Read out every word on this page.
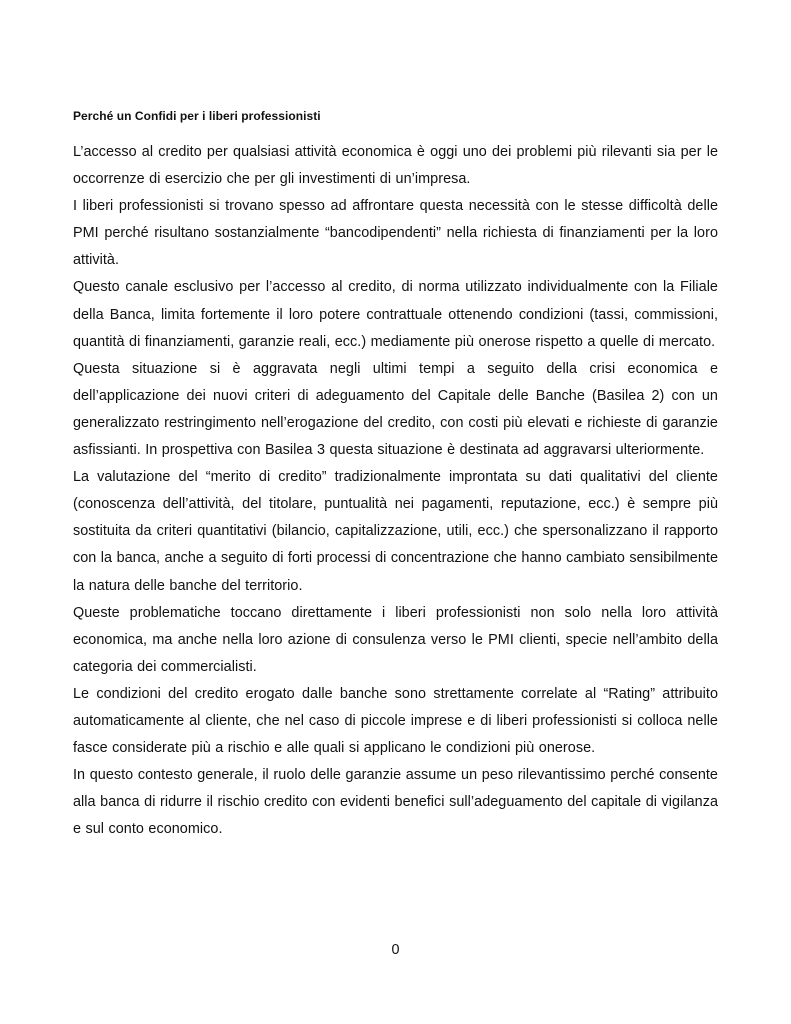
Perché un Confidi per i liberi professionisti

L’accesso al credito per qualsiasi attività economica è oggi uno dei problemi più rilevanti sia per le occorrenze di esercizio che per gli investimenti di un’impresa.

I liberi professionisti si trovano spesso ad affrontare questa necessità con le stesse difficoltà delle PMI perché risultano sostanzialmente “bancodipendenti” nella richiesta di finanziamenti per la loro attività.

Questo canale esclusivo per l’accesso al credito, di norma utilizzato individualmente con la Filiale della Banca, limita fortemente il loro potere contrattuale ottenendo condizioni (tassi, commissioni, quantità di finanziamenti, garanzie reali, ecc.) mediamente più onerose rispetto a quelle di mercato.

Questa situazione si è aggravata negli ultimi tempi a seguito della crisi economica e dell’applicazione dei nuovi criteri di adeguamento del Capitale delle Banche (Basilea 2) con un generalizzato restringimento nell’erogazione del credito, con costi più elevati e richieste di garanzie asfissianti. In prospettiva con Basilea 3 questa situazione è destinata ad aggravarsi ulteriormente.

La valutazione del “merito di credito” tradizionalmente improntata su dati qualitativi del cliente (conoscenza dell’attività, del titolare, puntualità nei pagamenti, reputazione, ecc.) è sempre più sostituita da criteri quantitativi (bilancio, capitalizzazione, utili, ecc.) che spersonalizzano il rapporto con la banca, anche a seguito di forti processi di concentrazione che hanno cambiato sensibilmente la natura delle banche del territorio.

Queste problematiche toccano direttamente i liberi professionisti non solo nella loro attività economica, ma anche nella loro azione di consulenza verso le PMI clienti, specie nell’ambito della categoria dei commercialisti.

Le condizioni del credito erogato dalle banche sono strettamente correlate al “Rating” attribuito automaticamente al cliente, che nel caso di piccole imprese e di liberi professionisti si colloca nelle fasce considerate più a rischio e alle quali si applicano le condizioni più onerose.

In questo contesto generale, il ruolo delle garanzie assume un peso rilevantissimo perché consente alla banca di ridurre il rischio credito con evidenti benefici sull’adeguamento del capitale di vigilanza e sul conto economico.

0
